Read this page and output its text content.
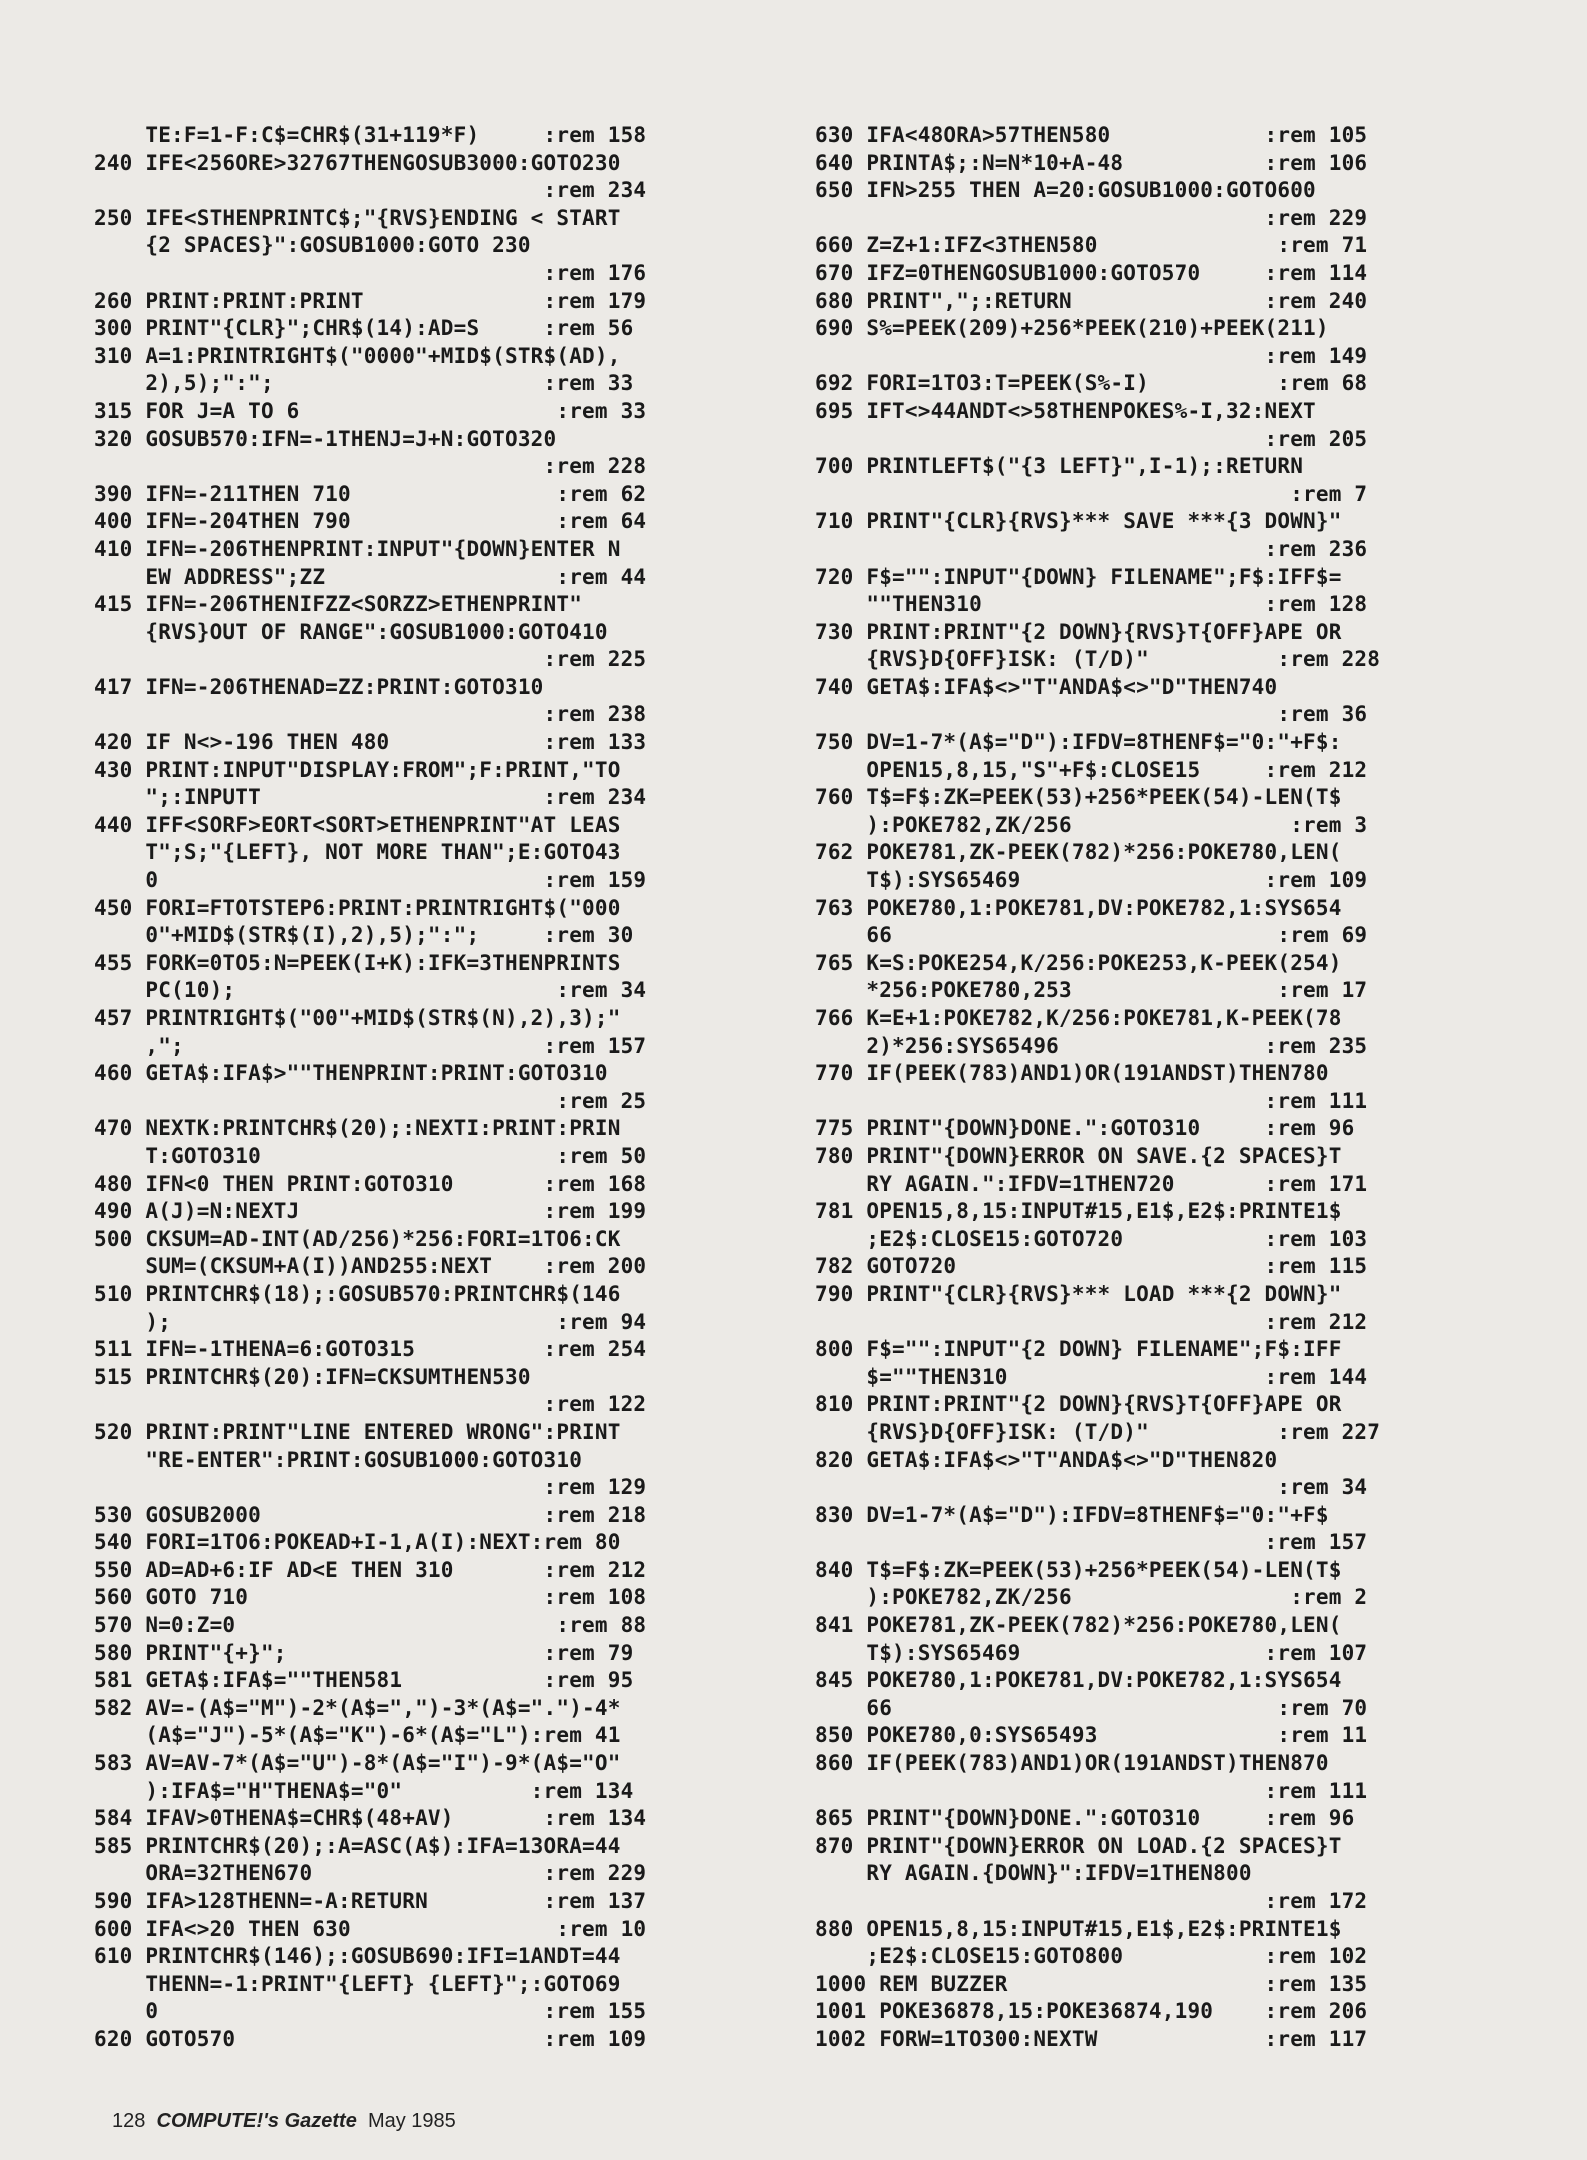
TE:F=1-F:C$=CHR$(31+119*F)     :rem 158
240 IFE<256ORE>32767THENGOSUB3000:GOTO230
:rem 234
250 IFE<STHENPRINTC$;"{RVS}ENDING < START
{2 SPACES}":GOSUB1000:GOTO 230
:rem 176
260 PRINT:PRINT:PRINT              :rem 179
300 PRINT"{CLR}";CHR$(14):AD=S     :rem 56
310 A=1:PRINTRIGHT$("0000"+MID$(STR$(AD),
2),5);":";                     :rem 33
315 FOR J=A TO 6                    :rem 33
320 GOSUB570:IFN=-1THENJ=J+N:GOTO320
:rem 228
390 IFN=-211THEN 710                :rem 62
400 IFN=-204THEN 790                :rem 64
410 IFN=-206THENPRINT:INPUT"{DOWN}ENTER N
EW ADDRESS";ZZ                  :rem 44
415 IFN=-206THENIFZZ<SORZZ>ETHENPRINT"
{RVS}OUT OF RANGE":GOSUB1000:GOTO410
:rem 225
417 IFN=-206THENAD=ZZ:PRINT:GOTO310
:rem 238
420 IF N<>-196 THEN 480            :rem 133
430 PRINT:INPUT"DISPLAY:FROM";F:PRINT,"TO
";:INPUTT                      :rem 234
440 IFF<SORF>EORT<SORT>ETHENPRINT"AT LEAS
T";S;"{LEFT}, NOT MORE THAN";E:GOTO43
0                              :rem 159
450 FORI=FTOTSTEP6:PRINT:PRINTRIGHT$("000
0"+MID$(STR$(I),2),5);":";     :rem 30
455 FORK=0TO5:N=PEEK(I+K):IFK=3THENPRINTS
PC(10);                         :rem 34
457 PRINTRIGHT$("00"+MID$(STR$(N),2),3);"
,";                            :rem 157
460 GETA$:IFA$>""THENPRINT:PRINT:GOTO310
:rem 25
470 NEXTK:PRINTCHR$(20);:NEXTI:PRINT:PRIN
T:GOTO310                       :rem 50
480 IFN<0 THEN PRINT:GOTO310       :rem 168
490 A(J)=N:NEXTJ                   :rem 199
500 CKSUM=AD-INT(AD/256)*256:FORI=1TO6:CK
SUM=(CKSUM+A(I))AND255:NEXT    :rem 200
510 PRINTCHR$(18);:GOSUB570:PRINTCHR$(146
);                              :rem 94
511 IFN=-1THENA=6:GOTO315          :rem 254
515 PRINTCHR$(20):IFN=CKSUMTHEN530
:rem 122
520 PRINT:PRINT"LINE ENTERED WRONG":PRINT
"RE-ENTER":PRINT:GOSUB1000:GOTO310
:rem 129
530 GOSUB2000                      :rem 218
540 FORI=1TO6:POKEAD+I-1,A(I):NEXT:rem 80
550 AD=AD+6:IF AD<E THEN 310       :rem 212
560 GOTO 710                       :rem 108
570 N=0:Z=0                         :rem 88
580 PRINT"{+}";                    :rem 79
581 GETA$:IFA$=""THEN581           :rem 95
582 AV=-(A$="M")-2*(A$=",")-3*(A$=".")-4*
(A$="J")-5*(A$="K")-6*(A$="L"):rem 41
583 AV=AV-7*(A$="U")-8*(A$="I")-9*(A$="O"
):IFA$="H"THENA$="0"          :rem 134
584 IFAV>0THENA$=CHR$(48+AV)       :rem 134
585 PRINTCHR$(20);:A=ASC(A$):IFA=13ORA=44
ORA=32THEN670                  :rem 229
590 IFA>128THENN=-A:RETURN         :rem 137
600 IFA<>20 THEN 630                :rem 10
610 PRINTCHR$(146);:GOSUB690:IFI=1ANDT=44
THENN=-1:PRINT"{LEFT} {LEFT}";:GOTO69
0                              :rem 155
620 GOTO570                        :rem 109
630 IFA<48ORA>57THEN580            :rem 105
640 PRINTA$;:N=N*10+A-48           :rem 106
650 IFN>255 THEN A=20:GOSUB1000:GOTO600
:rem 229
660 Z=Z+1:IFZ<3THEN580              :rem 71
670 IFZ=0THENGOSUB1000:GOTO570     :rem 114
680 PRINT",";:RETURN               :rem 240
690 S%=PEEK(209)+256*PEEK(210)+PEEK(211)
:rem 149
692 FORI=1TO3:T=PEEK(S%-I)          :rem 68
695 IFT<>44ANDT<>58THENPOKES%-I,32:NEXT
:rem 205
700 PRINTLEFT$("{3 LEFT}",I-1);:RETURN
:rem 7
710 PRINT"{CLR}{RVS}*** SAVE ***{3 DOWN}"
:rem 236
720 F$="":INPUT"{DOWN} FILENAME";F$:IFF$=
""THEN310                      :rem 128
730 PRINT:PRINT"{2 DOWN}{RVS}T{OFF}APE OR
{RVS}D{OFF}ISK: (T/D)"          :rem 228
740 GETA$:IFA$<>"T"ANDA$<>"D"THEN740
:rem 36
750 DV=1-7*(A$="D"):IFDV=8THENF$="0:"+F$:
OPEN15,8,15,"S"+F$:CLOSE15     :rem 212
760 T$=F$:ZK=PEEK(53)+256*PEEK(54)-LEN(T$
):POKE782,ZK/256                 :rem 3
762 POKE781,ZK-PEEK(782)*256:POKE780,LEN(
T$):SYS65469                   :rem 109
763 POKE780,1:POKE781,DV:POKE782,1:SYS654
66                              :rem 69
765 K=S:POKE254,K/256:POKE253,K-PEEK(254)
*256:POKE780,253                :rem 17
766 K=E+1:POKE782,K/256:POKE781,K-PEEK(78
2)*256:SYS65496                :rem 235
770 IF(PEEK(783)AND1)OR(191ANDST)THEN780
:rem 111
775 PRINT"{DOWN}DONE.":GOTO310     :rem 96
780 PRINT"{DOWN}ERROR ON SAVE.{2 SPACES}T
RY AGAIN.":IFDV=1THEN720       :rem 171
781 OPEN15,8,15:INPUT#15,E1$,E2$:PRINTE1$
;E2$:CLOSE15:GOTO720           :rem 103
782 GOTO720                        :rem 115
790 PRINT"{CLR}{RVS}*** LOAD ***{2 DOWN}"
:rem 212
800 F$="":INPUT"{2 DOWN} FILENAME";F$:IFF
$=""THEN310                    :rem 144
810 PRINT:PRINT"{2 DOWN}{RVS}T{OFF}APE OR
{RVS}D{OFF}ISK: (T/D)"          :rem 227
820 GETA$:IFA$<>"T"ANDA$<>"D"THEN820
:rem 34
830 DV=1-7*(A$="D"):IFDV=8THENF$="0:"+F$
:rem 157
840 T$=F$:ZK=PEEK(53)+256*PEEK(54)-LEN(T$
):POKE782,ZK/256                 :rem 2
841 POKE781,ZK-PEEK(782)*256:POKE780,LEN(
T$):SYS65469                   :rem 107
845 POKE780,1:POKE781,DV:POKE782,1:SYS654
66                              :rem 70
850 POKE780,0:SYS65493              :rem 11
860 IF(PEEK(783)AND1)OR(191ANDST)THEN870
:rem 111
865 PRINT"{DOWN}DONE.":GOTO310     :rem 96
870 PRINT"{DOWN}ERROR ON LOAD.{2 SPACES}T
RY AGAIN.{DOWN}":IFDV=1THEN800
:rem 172
880 OPEN15,8,15:INPUT#15,E1$,E2$:PRINTE1$
;E2$:CLOSE15:GOTO800           :rem 102
1000 REM BUZZER                    :rem 135
1001 POKE36878,15:POKE36874,190    :rem 206
1002 FORW=1TO300:NEXTW             :rem 117
128 COMPUTE!'s Gazette May 1985
